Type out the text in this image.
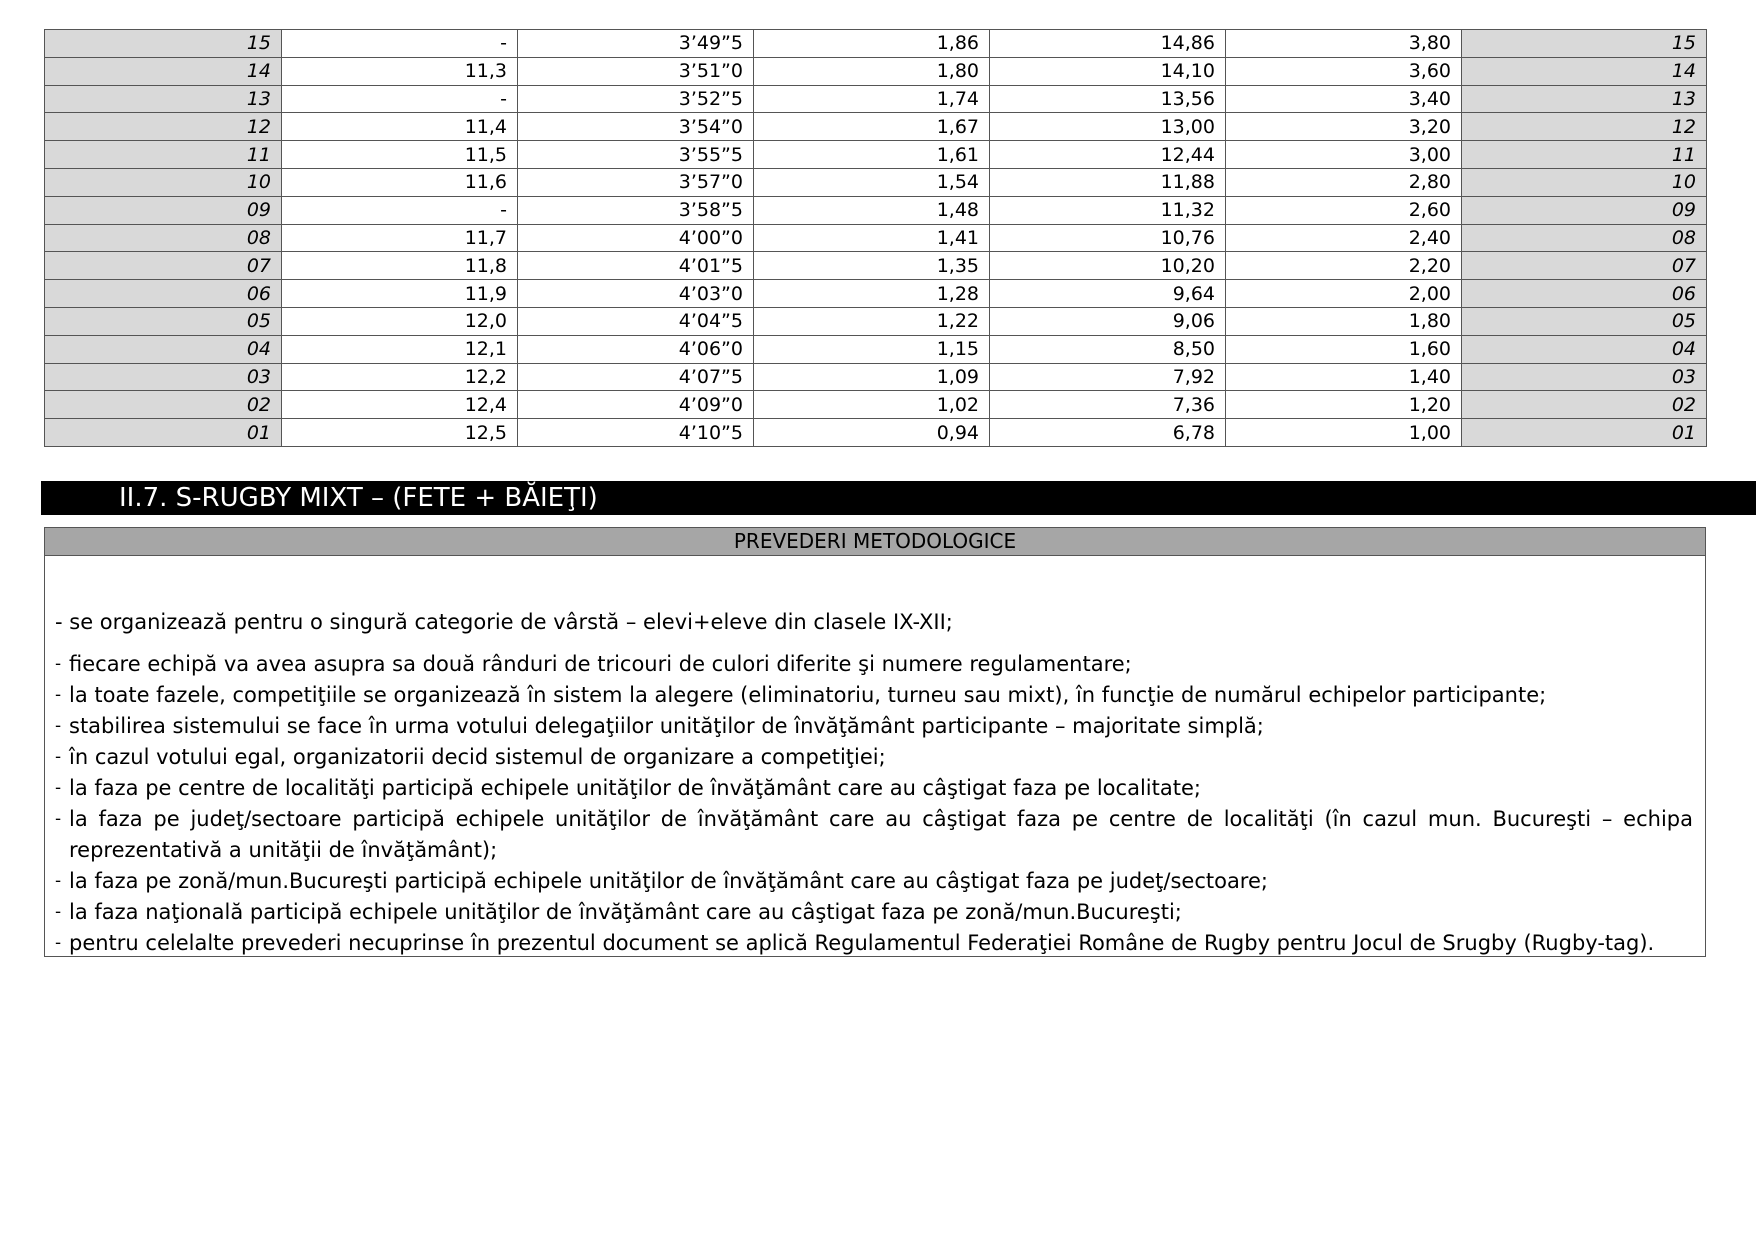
15	-	3’49”5	1,86	14,86	3,80	15
14	11,3	3’51”0	1,80	14,10	3,60	14
13	-	3’52”5	1,74	13,56	3,40	13
12	11,4	3’54”0	1,67	13,00	3,20	12
11	11,5	3’55”5	1,61	12,44	3,00	11
10	11,6	3’57”0	1,54	11,88	2,80	10
09	-	3’58”5	1,48	11,32	2,60	09
08	11,7	4’00”0	1,41	10,76	2,40	08
07	11,8	4’01”5	1,35	10,20	2,20	07
06	11,9	4’03”0	1,28	9,64	2,00	06
05	12,0	4’04”5	1,22	9,06	1,80	05
04	12,1	4’06”0	1,15	8,50	1,60	04
03	12,2	4’07”5	1,09	7,92	1,40	03
02	12,4	4’09”0	1,02	7,36	1,20	02
01	12,5	4’10”5	0,94	6,78	1,00	01
II.7. S-RUGBY MIXT – (FETE + BĂIEŢI)
PREVEDERI METODOLOGICE
- se organizează pentru o singură categorie de vârstă – elevi+eleve din clasele IX-XII;
- fiecare echipă va avea asupra sa două rânduri de tricouri de culori diferite şi numere regulamentare;
- la toate fazele, competiţiile se organizează în sistem la alegere (eliminatoriu, turneu sau mixt), în funcţie de numărul echipelor participante;
- stabilirea sistemului se face în urma votului delegaţiilor unităţilor de învăţământ participante – majoritate simplă;
- în cazul votului egal, organizatorii decid sistemul de organizare a competiţiei;
- la faza pe centre de localităţi participă echipele unităţilor de învăţământ care au câştigat faza pe localitate;
- la faza pe judeţ/sectoare participă echipele unităţilor de învăţământ care au câştigat faza pe centre de localităţi (în cazul mun. Bucureşti – echipa reprezentativă a unităţii de învăţământ);
- la faza pe zonă/mun.Bucureşti participă echipele unităţilor de învăţământ care au câştigat faza pe judeţ/sectoare;
- la faza naţională participă echipele unităţilor de învăţământ care au câştigat faza pe zonă/mun.Bucureşti;
- pentru celelalte prevederi necuprinse în prezentul document se aplică Regulamentul Federaţiei Române de Rugby pentru Jocul de Srugby (Rugby-tag).
